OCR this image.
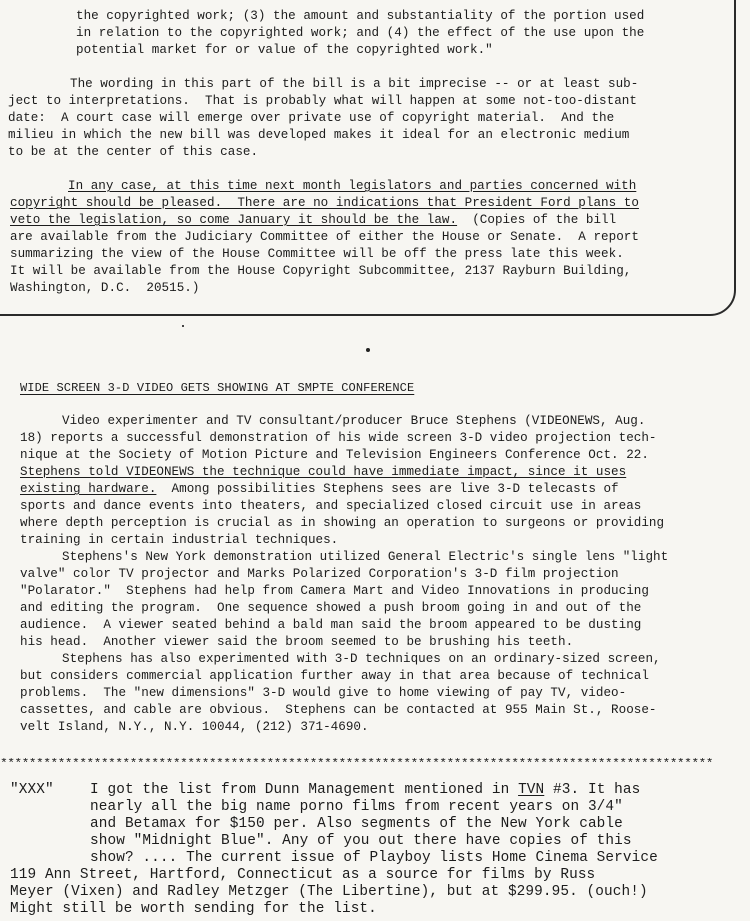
the copyrighted work; (3) the amount and substantiality of the portion used
in relation to the copyrighted work; and (4) the effect of the use upon the
potential market for or value of the copyrighted work."
The wording in this part of the bill is a bit imprecise -- or at least sub-
ject to interpretations.  That is probably what will happen at some not-too-distant
date:  A court case will emerge over private use of copyright material.  And the
milieu in which the new bill was developed makes it ideal for an electronic medium
to be at the center of this case.
In any case, at this time next month legislators and parties concerned with
copyright should be pleased.  There are no indications that President Ford plans to
veto the legislation, so come January it should be the law.  (Copies of the bill
are available from the Judiciary Committee of either the House or Senate.  A report
summarizing the view of the House Committee will be off the press late this week.
It will be available from the House Copyright Subcommittee, 2137 Rayburn Building,
Washington, D.C.  20515.)
WIDE SCREEN 3-D VIDEO GETS SHOWING AT SMPTE CONFERENCE
Video experimenter and TV consultant/producer Bruce Stephens (VIDEONEWS, Aug.
18) reports a successful demonstration of his wide screen 3-D video projection tech-
nique at the Society of Motion Picture and Television Engineers Conference Oct. 22.
Stephens told VIDEONEWS the technique could have immediate impact, since it uses
existing hardware.  Among possibilities Stephens sees are live 3-D telecasts of
sports and dance events into theaters, and specialized closed circuit use in areas
where depth perception is crucial as in showing an operation to surgeons or providing
training in certain industrial techniques.
Stephens's New York demonstration utilized General Electric's single lens "light
valve" color TV projector and Marks Polarized Corporation's 3-D film projection
"Polarator."  Stephens had help from Camera Mart and Video Innovations in producing
and editing the program.  One sequence showed a push broom going in and out of the
audience.  A viewer seated behind a bald man said the broom appeared to be dusting
his head.  Another viewer said the broom seemed to be brushing his teeth.
Stephens has also experimented with 3-D techniques on an ordinary-sized screen,
but considers commercial application further away in that area because of technical
problems.  The "new dimensions" 3-D would give to home viewing of pay TV, video-
cassettes, and cable are obvious.  Stephens can be contacted at 955 Main St., Roose-
velt Island, N.Y., N.Y. 10044, (212) 371-4690.
***************************************************************************************************
"XXX"	I got the list from Dunn Management mentioned in TVN #3. It has
nearly all the big name porno films from recent years on 3/4"
and Betamax for $150 per. Also segments of the New York cable
show "Midnight Blue". Any of you out there have copies of this
show? .... The current issue of Playboy lists Home Cinema Service
119 Ann Street, Hartford, Connecticut as a source for films by Russ
Meyer (Vixen) and Radley Metzger (The Libertine), but at $299.95. (ouch!)
Might still be worth sending for the list.
